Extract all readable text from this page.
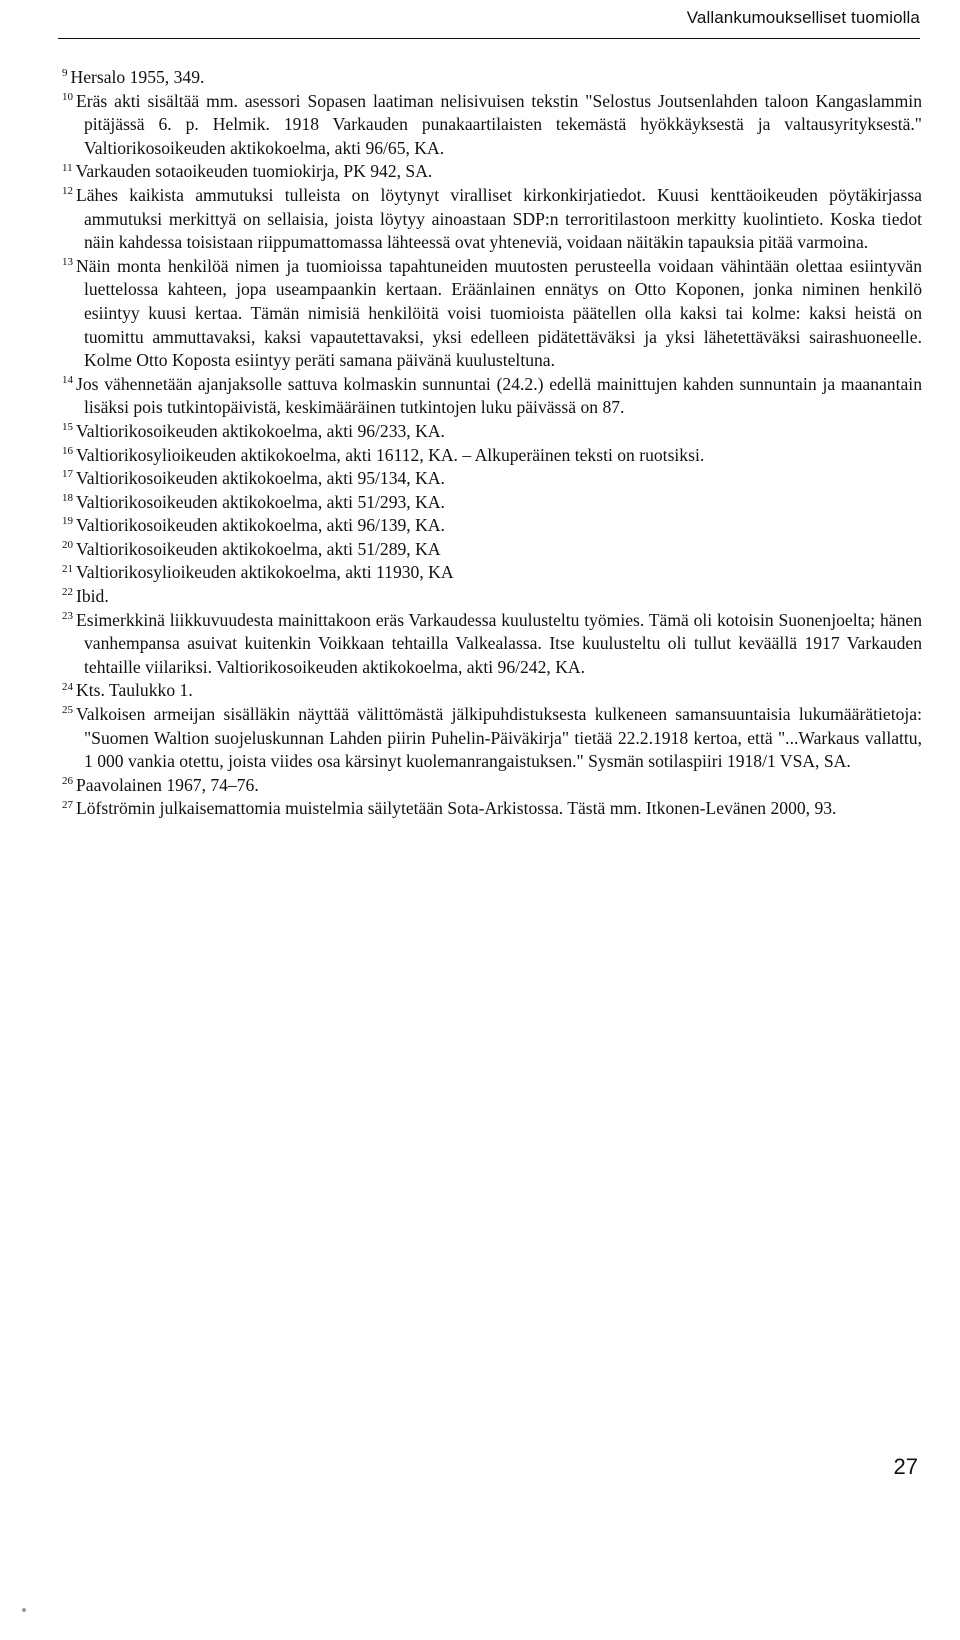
Vallankumoukselliset tuomiolla

$^9$ Hersalo 1955, 349.

$^{10}$ Eräs akti sisältää mm. asessori Sopasen laatiman nelisivuisen tekstin "Selostus Joutsenlahden taloon Kangaslammin pitäjässä 6. p. Helmik. 1918 Varkauden punakaartilaisten tekemästä hyökkäyksestä ja valtausyrityksestä." Valtiorikosoikeuden aktikokoelma, akti 96/65, KA.

$^{11}$ Varkauden sotaoikeuden tuomiokirja, PK 942, SA.

$^{12}$ Lähes kaikista ammutuksi tulleista on löytynyt viralliset kirkonkirjatiedot. Kuusi kenttäoikeuden pöytäkirjassa ammutuksi merkittyä on sellaisia, joista löytyy ainoastaan SDP:n terroritilastoon merkitty kuolintieto. Koska tiedot näin kahdessa toisistaan riippumattomassa lähteessä ovat yhteneviä, voidaan näitäkin tapauksia pitää varmoina.

$^{13}$ Näin monta henkilöä nimen ja tuomioissa tapahtuneiden muutosten perusteella voidaan vähintään olettaa esiintyvän luettelossa kahteen, jopa useampaankin kertaan. Eräänlainen ennätys on Otto Koponen, jonka niminen henkilö esiintyy kuusi kertaa. Tämän nimisiä henkilöitä voisi tuomioista päätellen olla kaksi tai kolme: kaksi heistä on tuomittu ammuttavaksi, kaksi vapautettavaksi, yksi edelleen pidätettäväksi ja yksi lähetettäväksi sairashuoneelle. Kolme Otto Koposta esiintyy peräti samana päivänä kuulusteltuna.

$^{14}$ Jos vähennetään ajanjaksolle sattuva kolmaskin sunnuntai (24.2.) edellä mainittujen kahden sunnuntain ja maanantain lisäksi pois tutkintopäivistä, keskimääräinen tutkintojen luku päivässä on 87.

$^{15}$ Valtiorikosoikeuden aktikokoelma, akti 96/233, KA.

$^{16}$ Valtiorikosylioikeuden aktikokoelma, akti 16112, KA. – Alkuperäinen teksti on ruotsiksi.

$^{17}$ Valtiorikosoikeuden aktikokoelma, akti 95/134, KA.

$^{18}$ Valtiorikosoikeuden aktikokoelma, akti 51/293, KA.

$^{19}$ Valtiorikosoikeuden aktikokoelma, akti 96/139, KA.

$^{20}$ Valtiorikosoikeuden aktikokoelma, akti 51/289, KA

$^{21}$ Valtiorikosylioikeuden aktikokoelma, akti 11930, KA

$^{22}$ Ibid.

$^{23}$ Esimerkkinä liikkuvuudesta mainittakoon eräs Varkaudessa kuulusteltu työmies. Tämä oli kotoisin Suonenjoelta; hänen vanhempansa asuivat kuitenkin Voikkaan tehtailla Valkealassa. Itse kuulusteltu oli tullut keväällä 1917 Varkauden tehtaille viilariksi. Valtiorikosoikeuden aktikokoelma, akti 96/242, KA.

$^{24}$ Kts. Taulukko 1.

$^{25}$ Valkoisen armeijan sisälläkin näyttää välittömästä jälkipuhdistuksesta kulkeneen samansuuntaisia lukumäärätietoja: "Suomen Waltion suojeluskunnan Lahden piirin Puhelin-Päiväkirja" tietää 22.2.1918 kertoa, että "...Warkaus vallattu, 1 000 vankia otettu, joista viides osa kärsinyt kuolemanrangaistuksen." Sysmän sotilaspiiri 1918/1 VSA, SA.

$^{26}$ Paavolainen 1967, 74–76.

$^{27}$ Löfströmin julkaisemattomia muistelmia säilytetään Sota-Arkistossa. Tästä mm. Itkonen-Levänen 2000, 93.

27
